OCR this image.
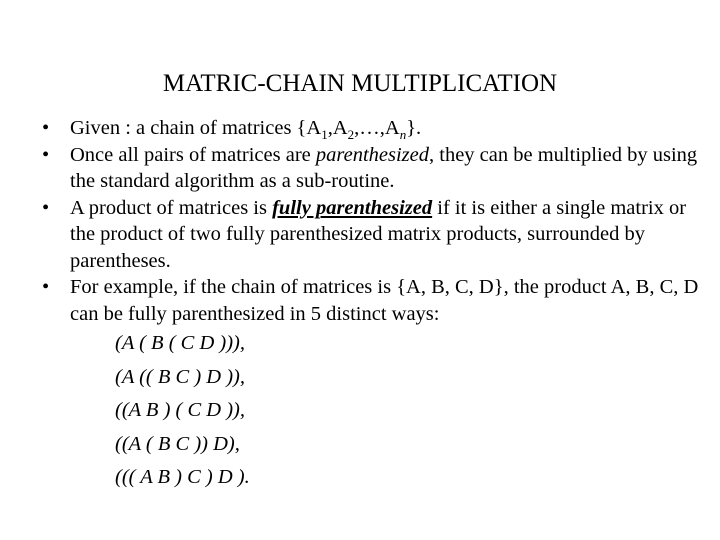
MATRIC-CHAIN MULTIPLICATION
• Given : a chain of matrices $\{A_1,A_2,\dots,A_n\}$.
• Once all pairs of matrices are parenthesized, they can be multiplied by using the standard algorithm as a sub-routine.
• A product of matrices is fully parenthesized if it is either a single matrix or the product of two fully parenthesized matrix products, surrounded by parentheses.
• For example, if the chain of matrices is {A, B, C, D}, the product A, B, C, D can be fully parenthesized in 5 distinct ways:
(A ( B ( C D ))),
(A (( B C ) D )),
((A B ) ( C D )),
((A ( B C )) D),
((( A B ) C ) D ).
